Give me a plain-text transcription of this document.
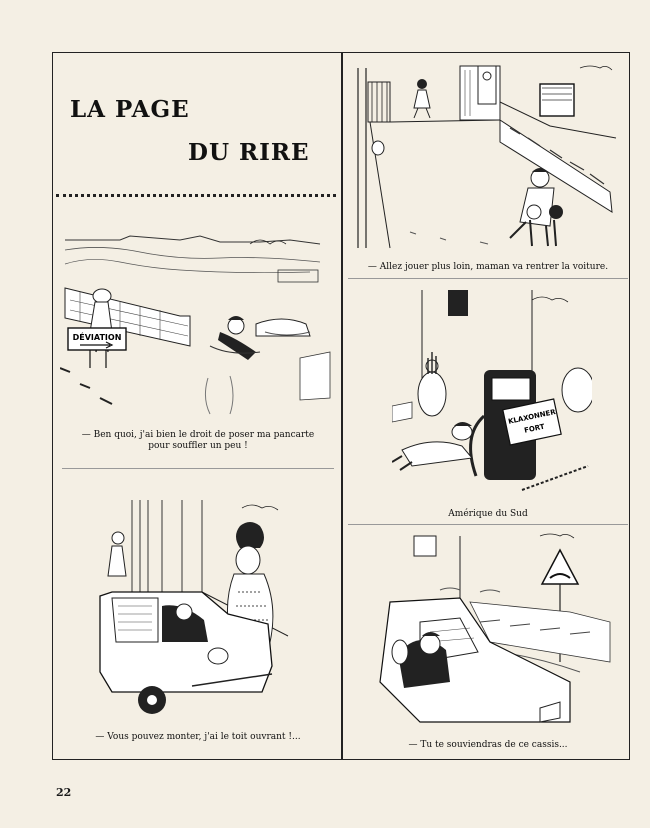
LA PAGE
DU RIRE
DÉVIATION
— Ben quoi, j'ai bien le droit de poser ma pancarte
pour souffler un peu !
— Allez jouer plus loin, maman va rentrer la voiture.
KLAXONNER
FORT
Amérique du Sud
— Vous pouvez monter, j'ai le toit ouvrant !...
— Tu te souviendras de ce cassis...
22
